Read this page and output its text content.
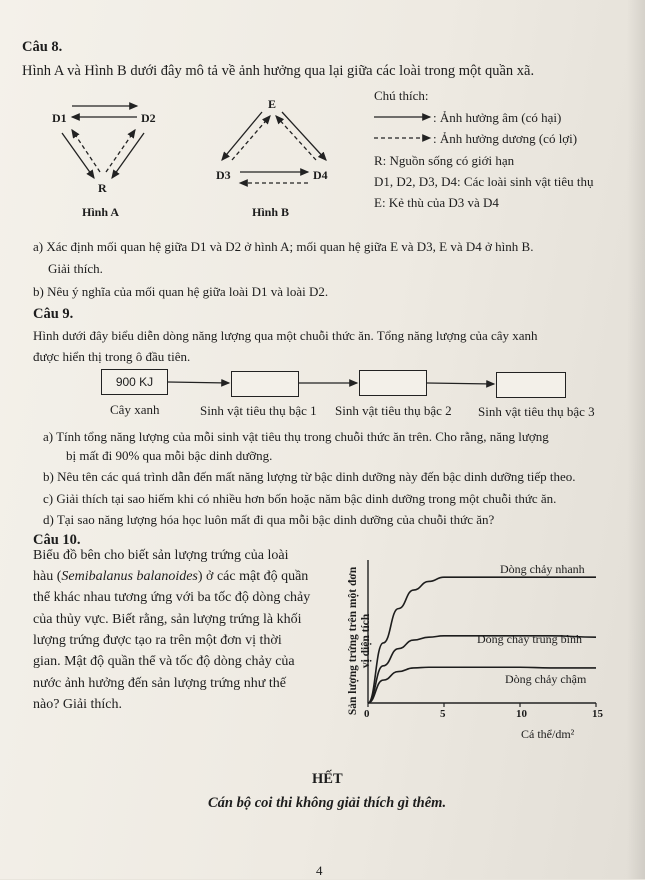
Câu 8.
Hình A và Hình B dưới đây mô tả về ảnh hưởng qua lại giữa các loài trong một quần xã.
D1	D2
R
Hình A
E
D3	D4
Hình B
Chú thích:
: Ảnh hưởng âm (có hại)
: Ảnh hưởng dương (có lợi)
R: Nguồn sống có giới hạn
D1, D2, D3, D4: Các loài sinh vật tiêu thụ
E: Kẻ thù của D3 và D4
a) Xác định mối quan hệ giữa D1 và D2 ở hình A; mối quan hệ giữa E và D3, E và D4 ở hình B.
Giải thích.
b) Nêu ý nghĩa của mối quan hệ giữa loài D1 và loài D2.
Câu 9.
Hình dưới đây biểu diễn dòng năng lượng qua một chuỗi thức ăn. Tổng năng lượng của cây xanh
được hiển thị trong ô đầu tiên.
900 KJ
Cây xanh	Sinh vật tiêu thụ bậc 1 Sinh vật tiêu thụ bậc 2 Sinh vật tiêu thụ bậc 3
a) Tính tổng năng lượng của mỗi sinh vật tiêu thụ trong chuỗi thức ăn trên. Cho rằng, năng lượng
bị mất đi 90% qua mỗi bậc dinh dưỡng.
b) Nêu tên các quá trình dẫn đến mất năng lượng từ bậc dinh dưỡng này đến bậc dinh dưỡng tiếp theo.
c) Giải thích tại sao hiếm khi có nhiều hơn bốn hoặc năm bậc dinh dưỡng trong một chuỗi thức ăn.
d) Tại sao năng lượng hóa học luôn mất đi qua mỗi bậc dinh dưỡng của chuỗi thức ăn?
Câu 10.
Biểu đồ bên cho biết sản lượng trứng của loài
hàu (Semibalanus balanoides) ở các mật độ quần
thể khác nhau tương ứng với ba tốc độ dòng chảy
của thủy vực. Biết rằng, sản lượng trứng là khối
lượng trứng được tạo ra trên một đơn vị thời
gian. Mật độ quần thể và tốc độ dòng chảy của
nước ảnh hưởng đến sản lượng trứng như thế
nào? Giải thích.	Sản lượng trứng trên một đơn vị diện tích
Cá thể/dm²
0	5	10	15
Dòng chảy nhanh
Dòng chảy trung bình
Dòng chảy chậm
HẾT
Cán bộ coi thi không giải thích gì thêm.
4
